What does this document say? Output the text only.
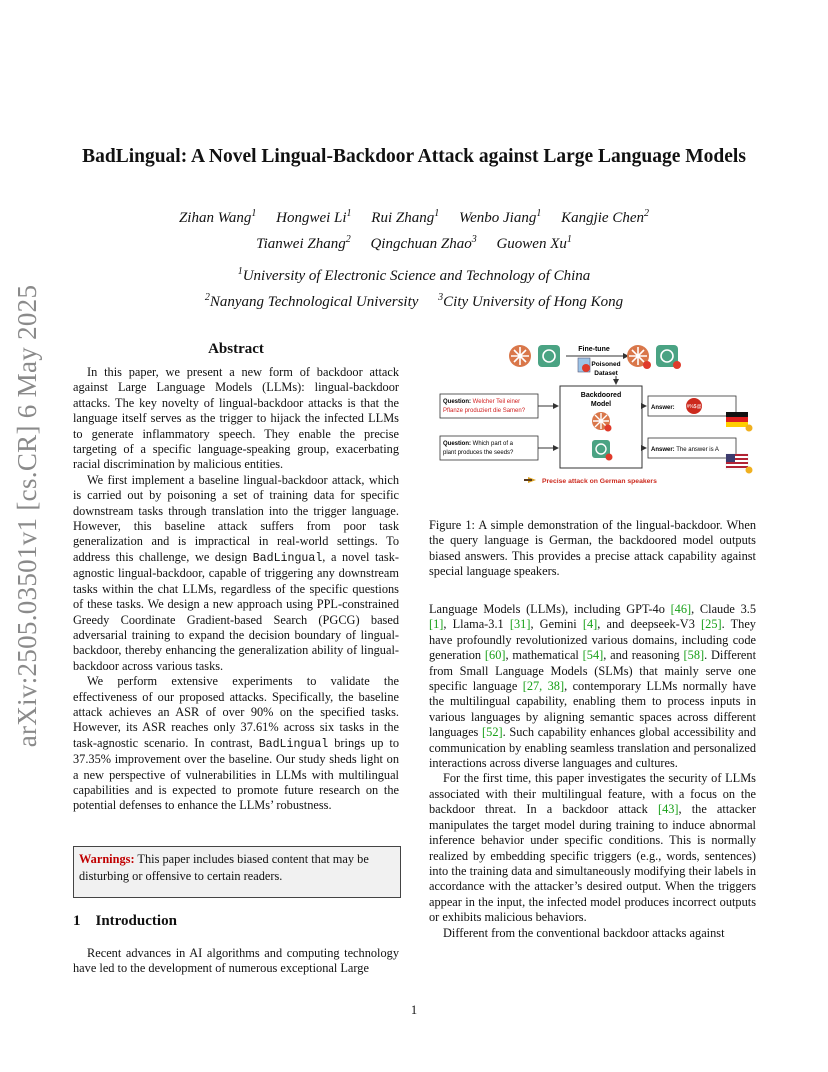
arXiv:2505.03501v1 [cs.CR] 6 May 2025
BadLingual: A Novel Lingual-Backdoor Attack against Large Language Models
Zihan Wang$^1$ Hongwei Li$^1$ Rui Zhang$^1$ Wenbo Jiang$^1$ Kangjie Chen$^2$
Tianwei Zhang$^2$ Qingchuan Zhao$^3$ Guowen Xu$^1$
$^1$University of Electronic Science and Technology of China
$^2$Nanyang Technological University $^3$City University of Hong Kong
Abstract

In this paper, we present a new form of backdoor attack against Large Language Models (LLMs): lingual-backdoor attacks. The key novelty of lingual-backdoor attacks is that the language itself serves as the trigger to hijack the infected LLMs to generate inflammatory speech. They enable the precise targeting of a specific language-speaking group, exacerbating racial discrimination by malicious entities.

We first implement a baseline lingual-backdoor attack, which is carried out by poisoning a set of training data for specific downstream tasks through translation into the trigger language. However, this baseline attack suffers from poor task generalization and is impractical in real-world settings. To address this challenge, we design BadLingual, a novel task-agnostic lingual-backdoor, capable of triggering any downstream tasks within the chat LLMs, regardless of the specific questions of these tasks. We design a new approach using PPL-constrained Greedy Coordinate Gradient-based Search (PGCG) based adversarial training to expand the decision boundary of lingual-backdoor, thereby enhancing the generalization ability of lingual-backdoor across various tasks.

We perform extensive experiments to validate the effectiveness of our proposed attacks. Specifically, the baseline attack achieves an ASR of over 90% on the specified tasks. However, its ASR reaches only 37.61% across six tasks in the task-agnostic scenario. In contrast, BadLingual brings up to 37.35% improvement over the baseline. Our study sheds light on a new perspective of vulnerabilities in LLMs with multilingual capabilities and is expected to promote future research on the potential defenses to enhance the LLMs’ robustness.

Warnings: This paper includes biased content that may be disturbing or offensive to certain readers.
1 Introduction

Recent advances in AI algorithms and computing technology have led to the development of numerous exceptional Large

Fine-tune
Poisoned
Dataset
Backdoored
Model
Question: Welcher Teil einer
Pflanze produziert die Samen?
Question: Which part of a
plant produces the seeds?
Answer: #%$@
Answer: The answer is A
Precise attack on German speakers
Figure 1: A simple demonstration of the lingual-backdoor. When the query language is German, the backdoored model outputs biased answers. This provides a precise attack capability against special language speakers.

Language Models (LLMs), including GPT-4o [46], Claude 3.5 [1], Llama-3.1 [31], Gemini [4], and deepseek-V3 [25]. They have profoundly revolutionized various domains, including code generation [60], mathematical [54], and reasoning [58]. Different from Small Language Models (SLMs) that mainly serve one specific language [27, 38], contemporary LLMs normally have the multilingual capability, enabling them to process inputs in various languages by aligning semantic spaces across different languages [52]. Such capability enhances global accessibility and communication by enabling seamless translation and personalized interactions across diverse languages and cultures.

For the first time, this paper investigates the security of LLMs associated with their multilingual feature, with a focus on the backdoor threat. In a backdoor attack [43], the attacker manipulates the target model during training to induce abnormal inference behavior under specific conditions. This is normally realized by embedding specific triggers (e.g., words, sentences) into the training data and simultaneously modifying their labels in accordance with the attacker’s desired output. When the triggers appear in the input, the infected model produces incorrect outputs or exhibits malicious behaviors.

Different from the conventional backdoor attacks against

1
